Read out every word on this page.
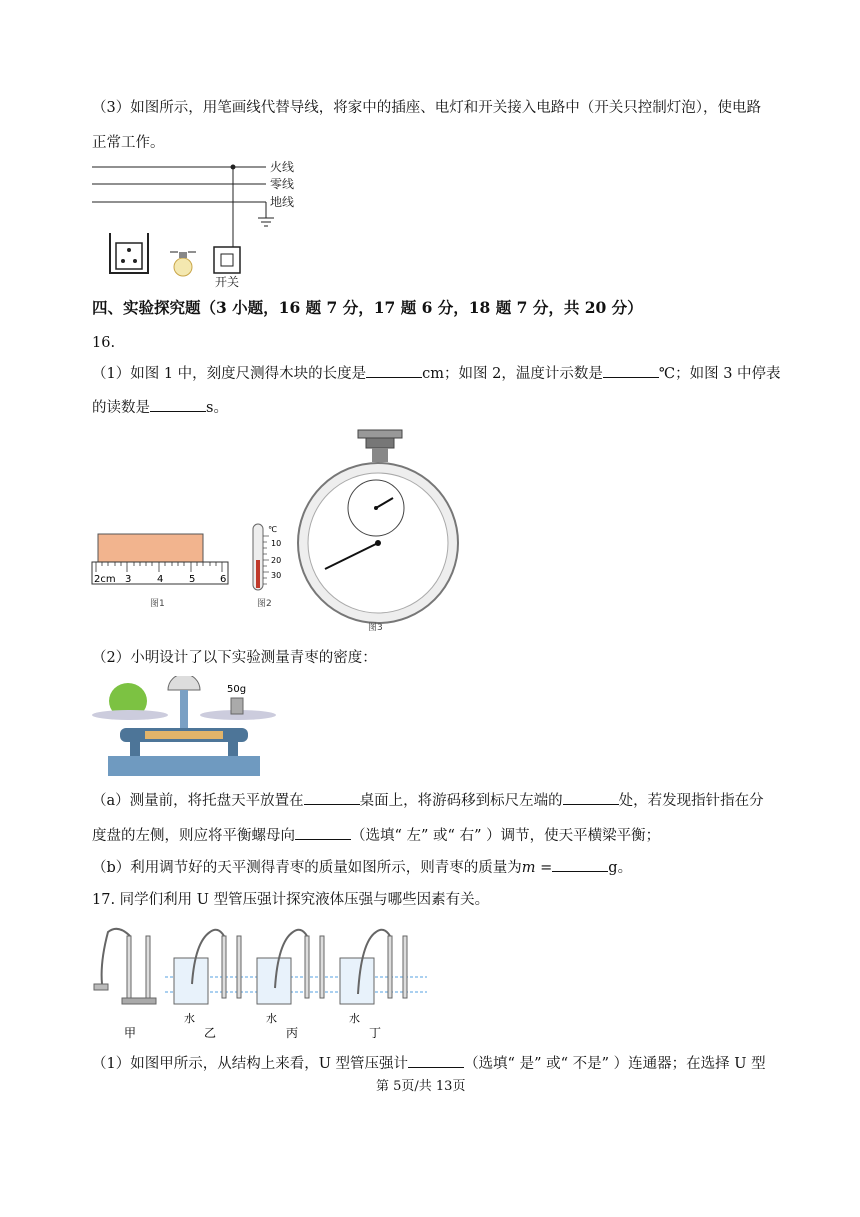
（3）如图所示，用笔画线代替导线，将家中的插座、电灯和开关接入电路中（开关只控制灯泡），使电路
正常工作。
火线
零线
地线
开关
四、实验探究题（3 小题，16 题 7 分，17 题 6 分，18 题 7 分，共 20 分）
16.
（1）如图 1 中，刻度尺测得木块的长度是	cm；如图 2，温度计示数是	℃；如图 3 中停表
的读数是	s。
2cm 3	4	5 6
图1
℃
10
20
30
图2
图3
（2）小明设计了以下实验测量青枣的密度：
50g
（a）测量前，将托盘天平放置在	桌面上，将游码移到标尺左端的	处，若发现指针指在分
度盘的左侧，则应将平衡螺母向	（选填“ 左” 或“ 右” ）调节，使天平横梁平衡；
（b）利用调节好的天平测得青枣的质量如图所示，则青枣的质量为m =	g。
17. 同学们利用 U 型管压强计探究液体压强与哪些因素有关。
甲
水
乙
水
丙
水
丁
（1）如图甲所示，从结构上来看，U 型管压强计	（选填“ 是” 或“ 不是” ）连通器；在选择 U 型
第 5页/共 13页
